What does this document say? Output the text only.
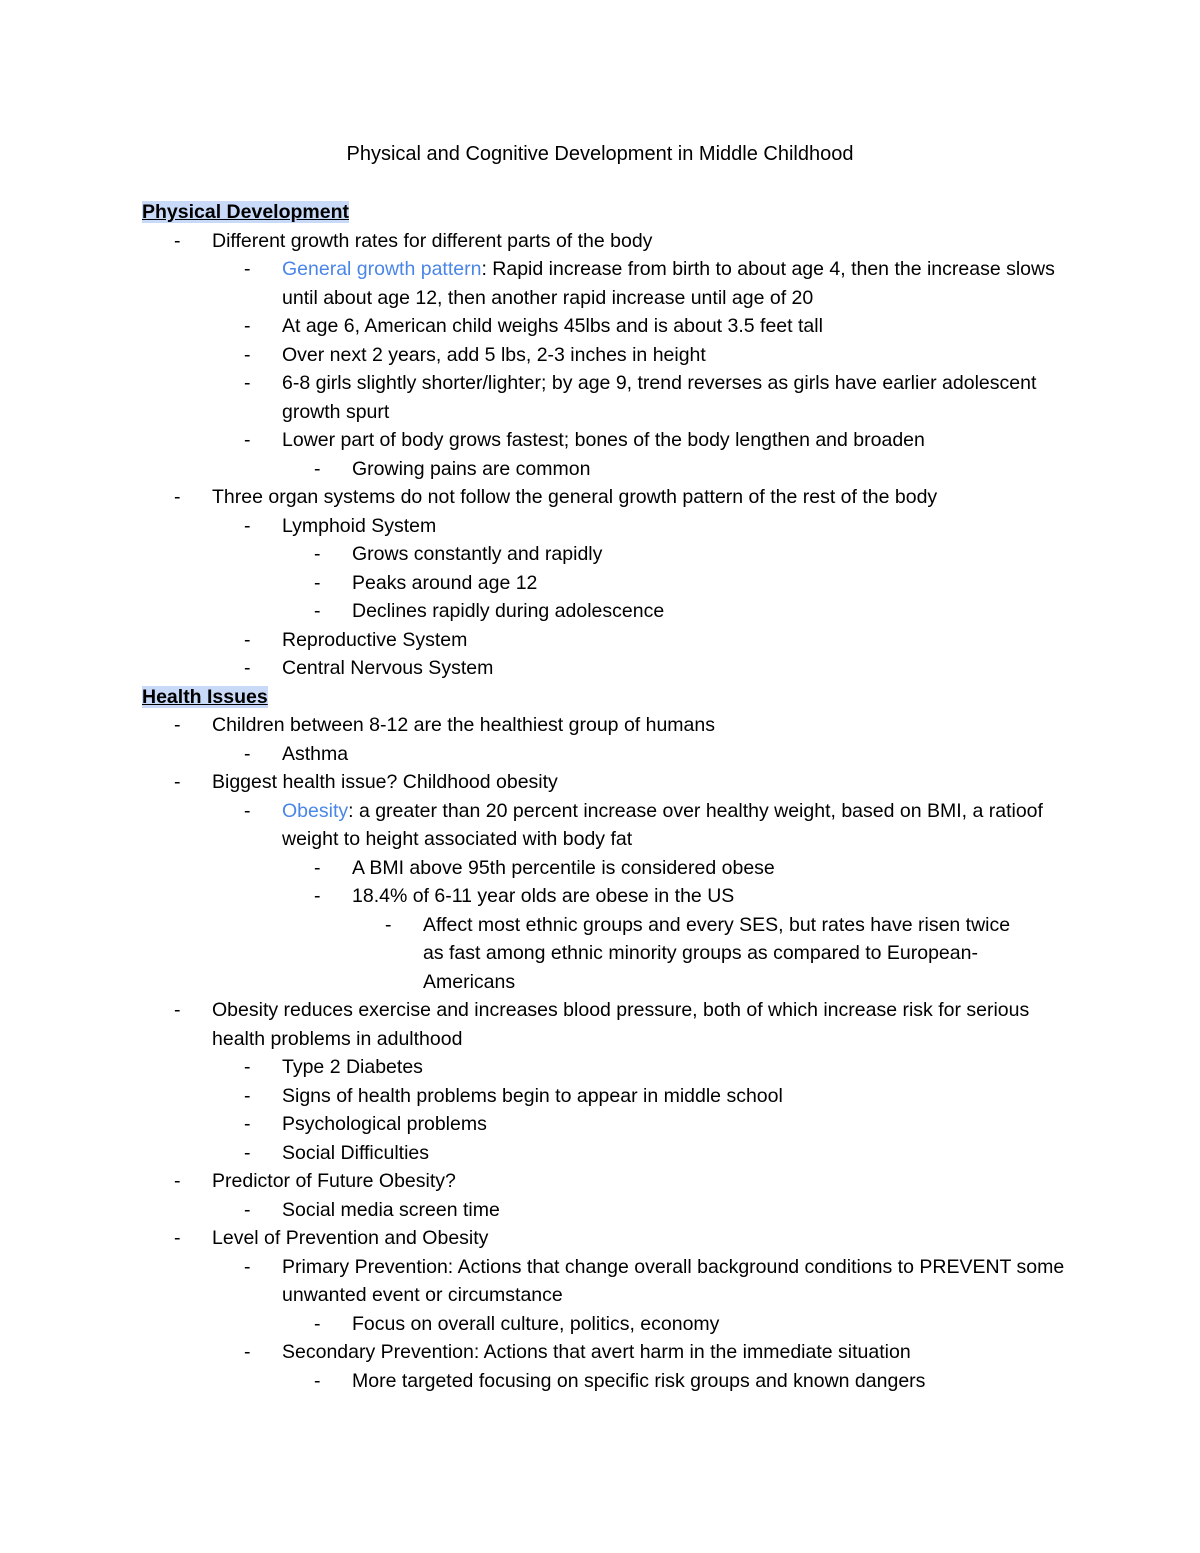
Physical and Cognitive Development in Middle Childhood
Physical Development
- Different growth rates for different parts of the body
- General growth pattern: Rapid increase from birth to about age 4, then the increase slows until about age 12, then another rapid increase until age of 20
- At age 6, American child weighs 45lbs and is about 3.5 feet tall
- Over next 2 years, add 5 lbs, 2-3 inches in height
- 6-8 girls slightly shorter/lighter; by age 9, trend reverses as girls have earlier adolescent growth spurt
- Lower part of body grows fastest; bones of the body lengthen and broaden
- Growing pains are common
- Three organ systems do not follow the general growth pattern of the rest of the body
- Lymphoid System
- Grows constantly and rapidly
- Peaks around age 12
- Declines rapidly during adolescence
- Reproductive System
- Central Nervous System
Health Issues
- Children between 8-12 are the healthiest group of humans
- Asthma
- Biggest health issue? Childhood obesity
- Obesity: a greater than 20 percent increase over healthy weight, based on BMI, a ratioof weight to height associated with body fat
- A BMI above 95th percentile is considered obese
- 18.4% of 6-11 year olds are obese in the US
- Affect most ethnic groups and every SES, but rates have risen twice as fast among ethnic minority groups as compared to European-Americans
- Obesity reduces exercise and increases blood pressure, both of which increase risk for serious health problems in adulthood
- Type 2 Diabetes
- Signs of health problems begin to appear in middle school
- Psychological problems
- Social Difficulties
- Predictor of Future Obesity?
- Social media screen time
- Level of Prevention and Obesity
- Primary Prevention: Actions that change overall background conditions to PREVENT some unwanted event or circumstance
- Focus on overall culture, politics, economy
- Secondary Prevention: Actions that avert harm in the immediate situation
- More targeted focusing on specific risk groups and known dangers
